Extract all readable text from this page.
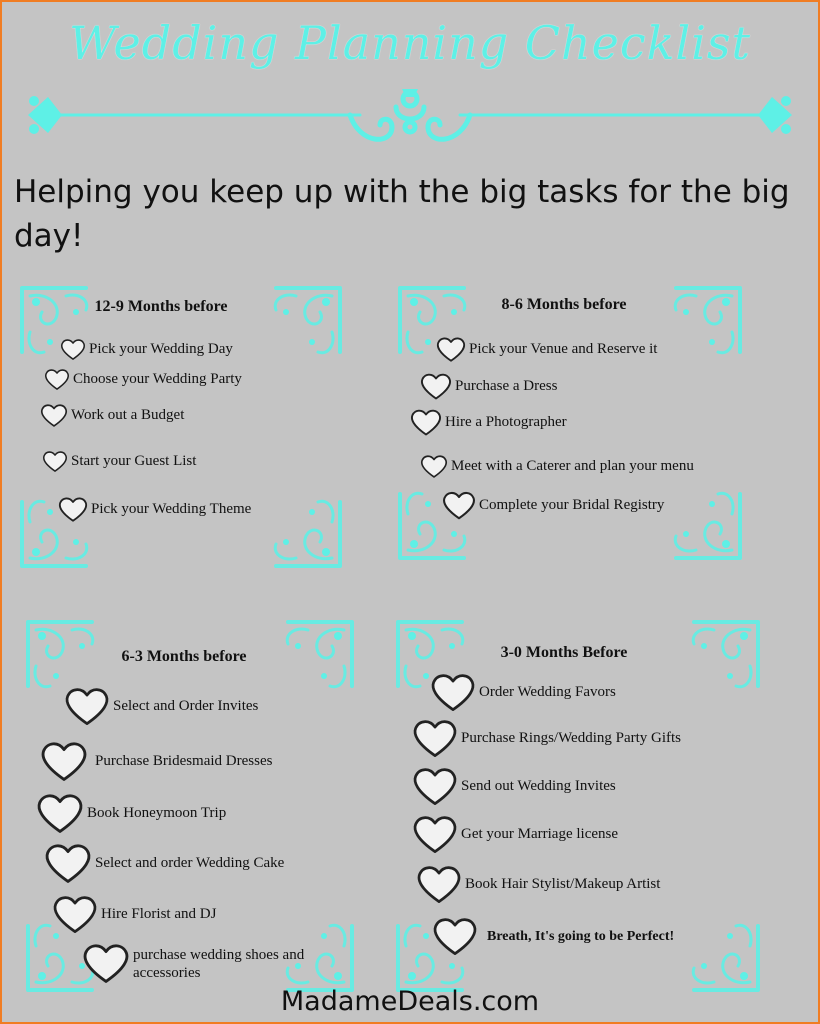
Wedding Planning Checklist
Helping you keep up with the big tasks for the big day!
12-9 Months before
Pick your Wedding Day
Choose your Wedding Party
Work out a Budget
Start your Guest List
Pick your Wedding Theme
8-6 Months before
Pick your Venue and Reserve it
Purchase a Dress
Hire a Photographer
Meet with a Caterer and plan your menu
Complete your Bridal Registry
6-3 Months before
Select and Order Invites
Purchase Bridesmaid Dresses
Book Honeymoon Trip
Select and order Wedding Cake
Hire Florist and DJ
purchase wedding shoes and accessories
3-0 Months Before
Order Wedding Favors
Purchase Rings/Wedding Party Gifts
Send out Wedding Invites
Get your Marriage license
Book Hair Stylist/Makeup Artist
Breath, It's going to be Perfect!
MadameDeals.com
